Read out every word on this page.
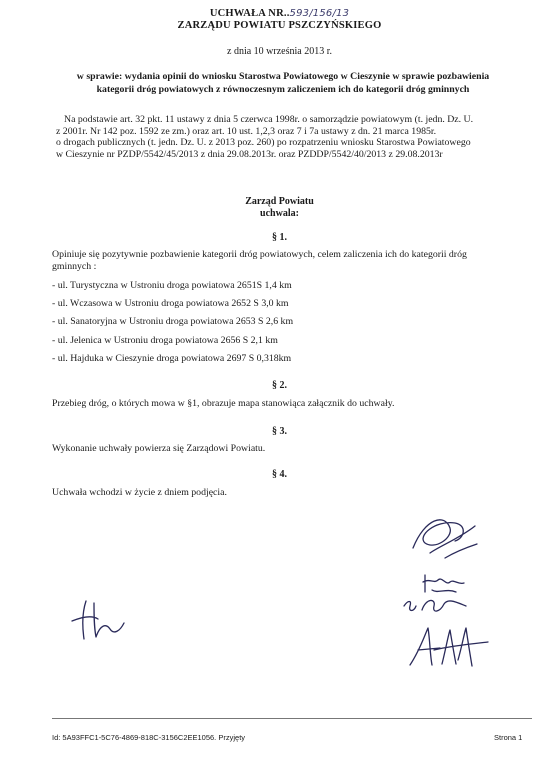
UCHWAŁA NR..593/156/13
ZARZĄDU POWIATU PSZCZYŃSKIEGO
z dnia 10 września 2013 r.
w sprawie: wydania opinii do wniosku Starostwa Powiatowego w Cieszynie w sprawie pozbawienia
kategorii dróg powiatowych z równoczesnym zaliczeniem ich do kategorii dróg gminnych
Na podstawie art. 32 pkt. 11 ustawy z dnia 5 czerwca 1998r. o samorządzie powiatowym (t. jedn. Dz. U.
z 2001r. Nr 142 poz. 1592 ze zm.) oraz art. 10 ust. 1,2,3 oraz 7 i 7a ustawy z dn. 21 marca 1985r.
o drogach publicznych (t. jedn. Dz. U. z 2013 poz. 260) po rozpatrzeniu wniosku Starostwa Powiatowego
w Cieszynie nr PZDP/5542/45/2013 z dnia 29.08.2013r. oraz PZDDP/5542/40/2013 z 29.08.2013r
Zarząd Powiatu
uchwala:
§ 1.
Opiniuje się pozytywnie pozbawienie kategorii dróg powiatowych, celem zaliczenia ich do kategorii dróg
gminnych :
- ul. Turystyczna w Ustroniu droga powiatowa 2651S 1,4 km
- ul. Wczasowa w Ustroniu droga powiatowa 2652 S 3,0 km
- ul. Sanatoryjna w Ustroniu droga powiatowa 2653 S 2,6 km
- ul. Jelenica w Ustroniu droga powiatowa 2656 S 2,1 km
- ul. Hajduka w Cieszynie droga powiatowa 2697 S 0,318km
§ 2.
Przebieg dróg, o których mowa w §1, obrazuje mapa stanowiąca załącznik do uchwały.
§ 3.
Wykonanie uchwały powierza się Zarządowi Powiatu.
§ 4.
Uchwała wchodzi w życie z dniem podjęcia.
Id: 5A93FFC1-5C76-4869-818C-3156C2EE1056. Przyjęty	Strona 1
